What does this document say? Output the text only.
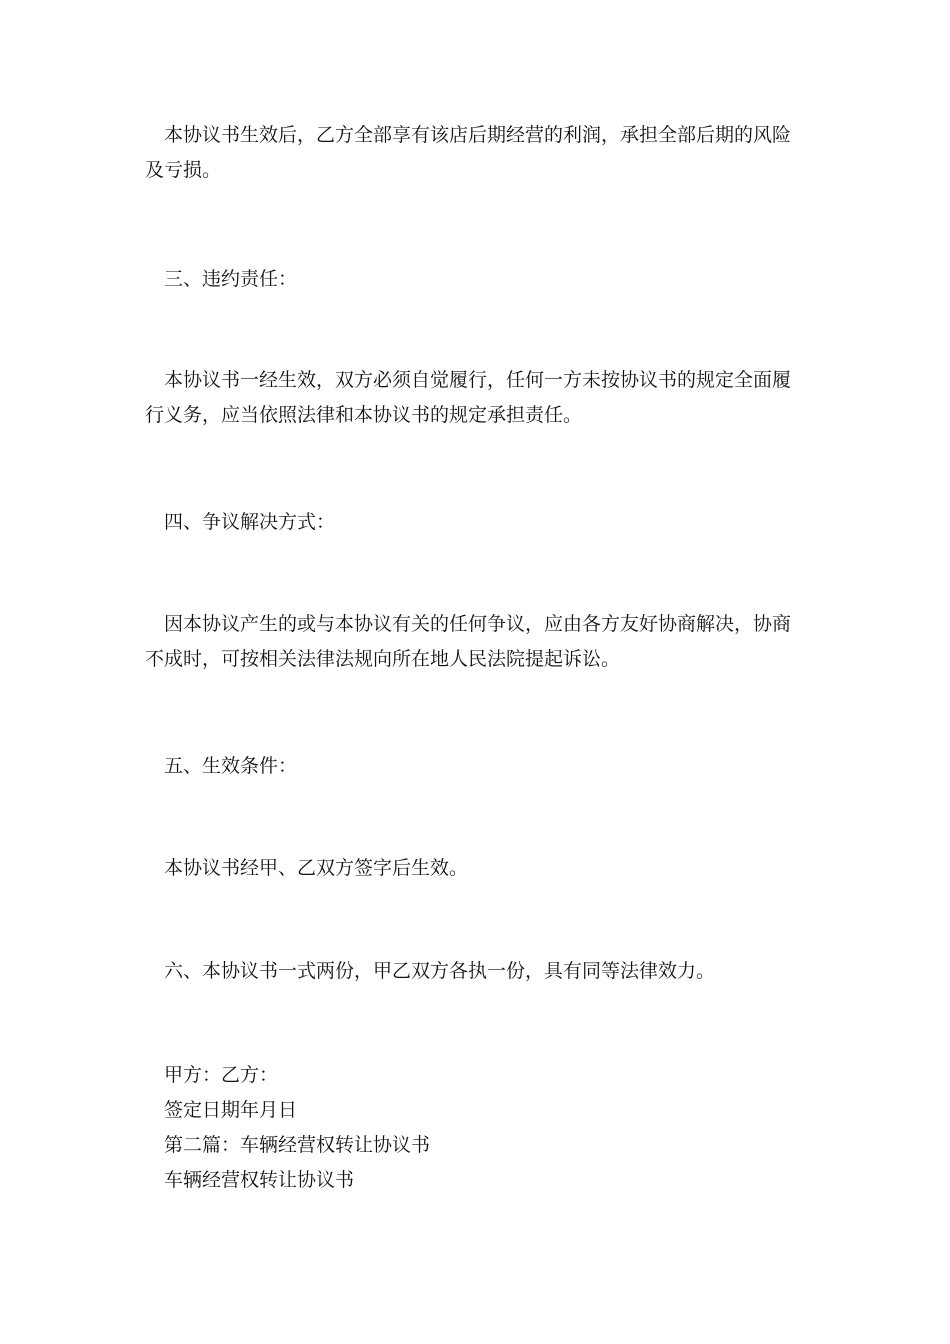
本协议书生效后，乙方全部享有该店后期经营的利润，承担全部后期的风险及亏损。

三、违约责任：

本协议书一经生效，双方必须自觉履行，任何一方未按协议书的规定全面履行义务，应当依照法律和本协议书的规定承担责任。

四、争议解决方式：

因本协议产生的或与本协议有关的任何争议，应由各方友好协商解决，协商不成时，可按相关法律法规向所在地人民法院提起诉讼。

五、生效条件：
本协议书经甲、乙双方签字后生效。
六、本协议书一式两份，甲乙双方各执一份，具有同等法律效力。
甲方：乙方：
签定日期年月日
第二篇：车辆经营权转让协议书
车辆经营权转让协议书
